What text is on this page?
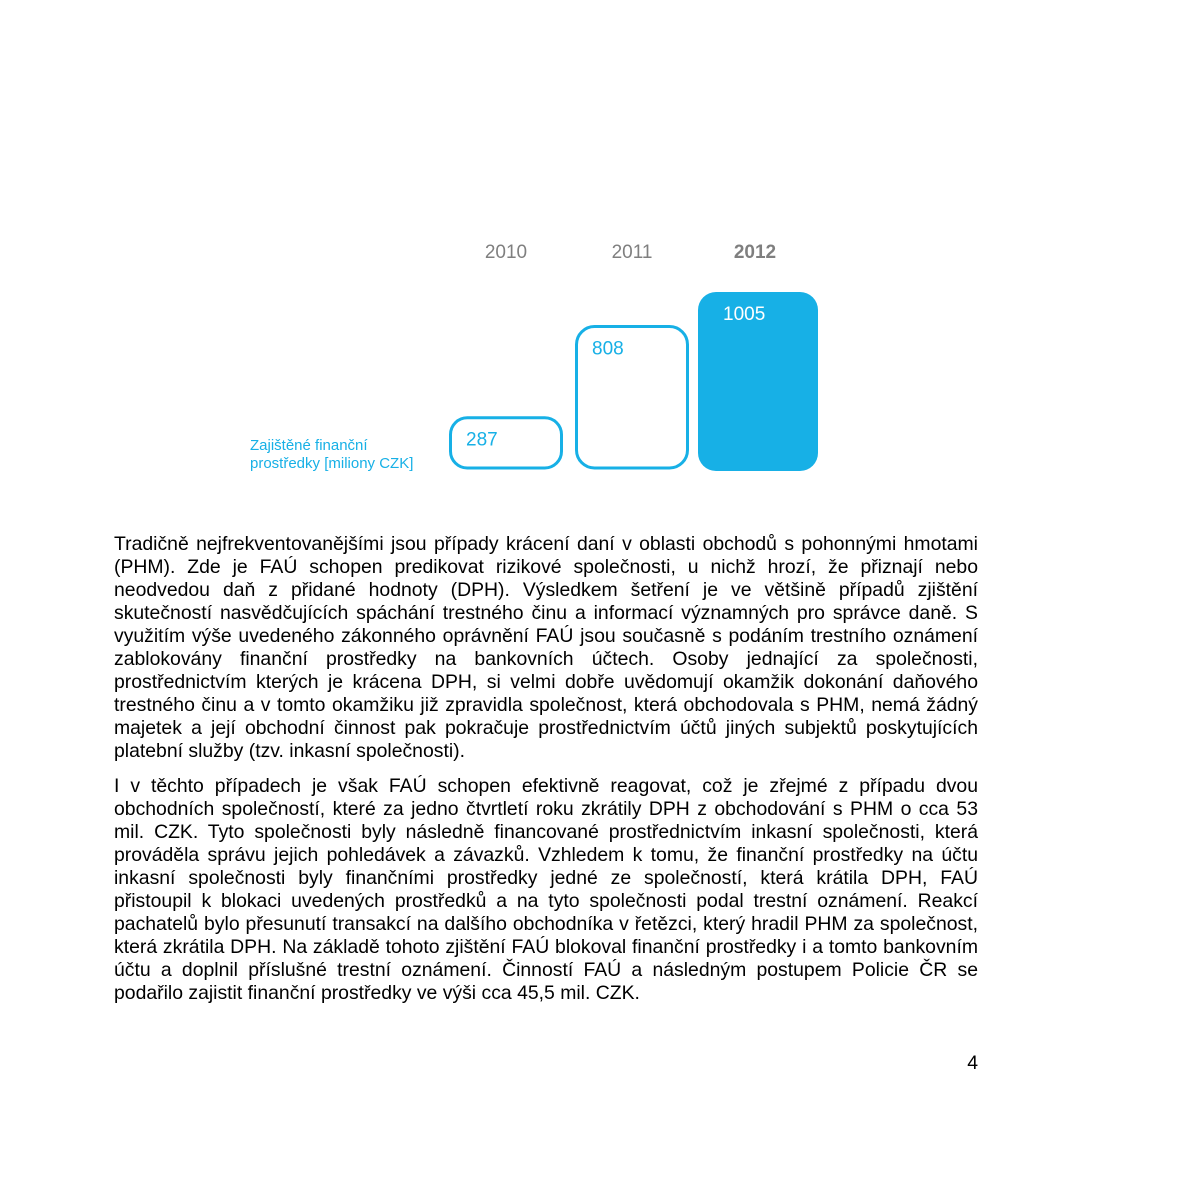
Zajištěné finanční
prostředky [miliony CZK]
2010
287
2011
808
2012
1005

Tradičně nejfrekventovanějšími jsou případy krácení daní v oblasti obchodů s pohonnými hmotami (PHM). Zde je FAÚ schopen predikovat rizikové společnosti, u nichž hrozí, že přiznají nebo neodvedou daň z přidané hodnoty (DPH). Výsledkem šetření je ve většině případů zjištění skutečností nasvědčujících spáchání trestného činu a informací významných pro správce daně. S využitím výše uvedeného zákonného oprávnění FAÚ jsou současně s podáním trestního oznámení zablokovány finanční prostředky na bankovních účtech. Osoby jednající za společnosti, prostřednictvím kterých je krácena DPH, si velmi dobře uvědomují okamžik dokonání daňového trestného činu a v tomto okamžiku již zpravidla společnost, která obchodovala s PHM, nemá žádný majetek a její obchodní činnost pak pokračuje prostřednictvím účtů jiných subjektů poskytujících platební služby (tzv. inkasní společnosti).

I v těchto případech je však FAÚ schopen efektivně reagovat, což je zřejmé z případu dvou obchodních společností, které za jedno čtvrtletí roku zkrátily DPH z obchodování s PHM o cca 53 mil. CZK. Tyto společnosti byly následně financované prostřednictvím inkasní společnosti, která prováděla správu jejich pohledávek a závazků. Vzhledem k tomu, že finanční prostředky na účtu inkasní společnosti byly finančními prostředky jedné ze společností, která krátila DPH, FAÚ přistoupil k blokaci uvedených prostředků a na tyto společnosti podal trestní oznámení. Reakcí pachatelů bylo přesunutí transakcí na dalšího obchodníka v řetězci, který hradil PHM za společnost, která zkrátila DPH. Na základě tohoto zjištění FAÚ blokoval finanční prostředky i a tomto bankovním účtu a doplnil příslušné trestní oznámení. Činností FAÚ a následným postupem Policie ČR se podařilo zajistit finanční prostředky ve výši cca 45,5 mil. CZK.

4
